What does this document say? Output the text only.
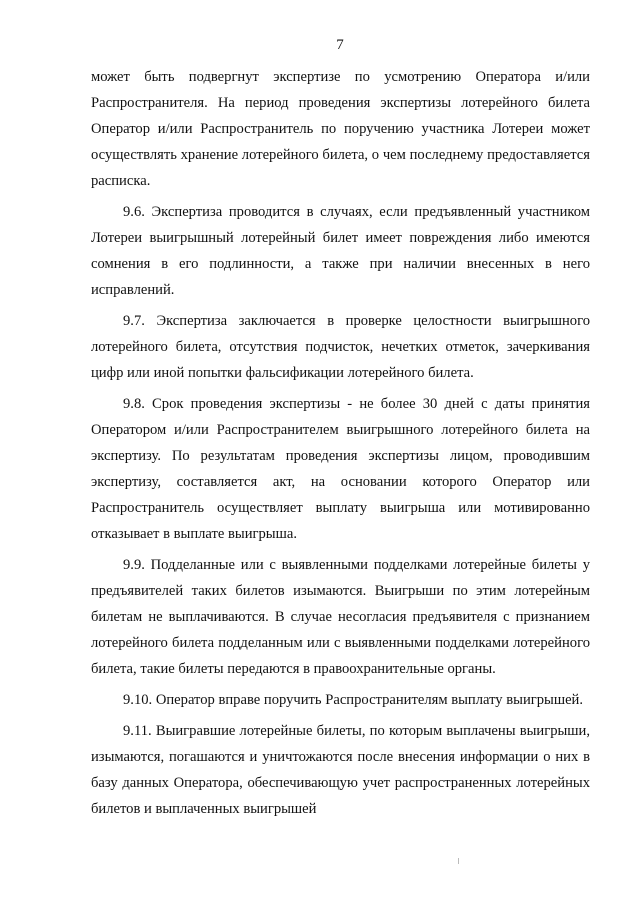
7

может быть подвергнут экспертизе по усмотрению Оператора и/или Распространителя. На период проведения экспертизы лотерейного билета Оператор и/или Распространитель по поручению участника Лотереи может осуществлять хранение лотерейного билета, о чем последнему предоставляется расписка.

9.6. Экспертиза проводится в случаях, если предъявленный участником Лотереи выигрышный лотерейный билет имеет повреждения либо имеются сомнения в его подлинности, а также при наличии внесенных в него исправлений.

9.7. Экспертиза заключается в проверке целостности выигрышного лотерейного билета, отсутствия подчисток, нечетких отметок, зачеркивания цифр или иной попытки фальсификации лотерейного билета.

9.8. Срок проведения экспертизы - не более 30 дней с даты принятия Оператором и/или Распространителем выигрышного лотерейного билета на экспертизу. По результатам проведения экспертизы лицом, проводившим экспертизу, составляется акт, на основании которого Оператор или Распространитель осуществляет выплату выигрыша или мотивированно отказывает в выплате выигрыша.

9.9. Подделанные или с выявленными подделками лотерейные билеты у предъявителей таких билетов изымаются. Выигрыши по этим лотерейным билетам не выплачиваются. В случае несогласия предъявителя с признанием лотерейного билета подделанным или с выявленными подделками лотерейного билета, такие билеты передаются в правоохранительные органы.

9.10. Оператор вправе поручить Распространителям выплату выигрышей.

9.11. Выигравшие лотерейные билеты, по которым выплачены выигрыши, изымаются, погашаются и уничтожаются после внесения информации о них в базу данных Оператора, обеспечивающую учет распространенных лотерейных билетов и выплаченных выигрышей
